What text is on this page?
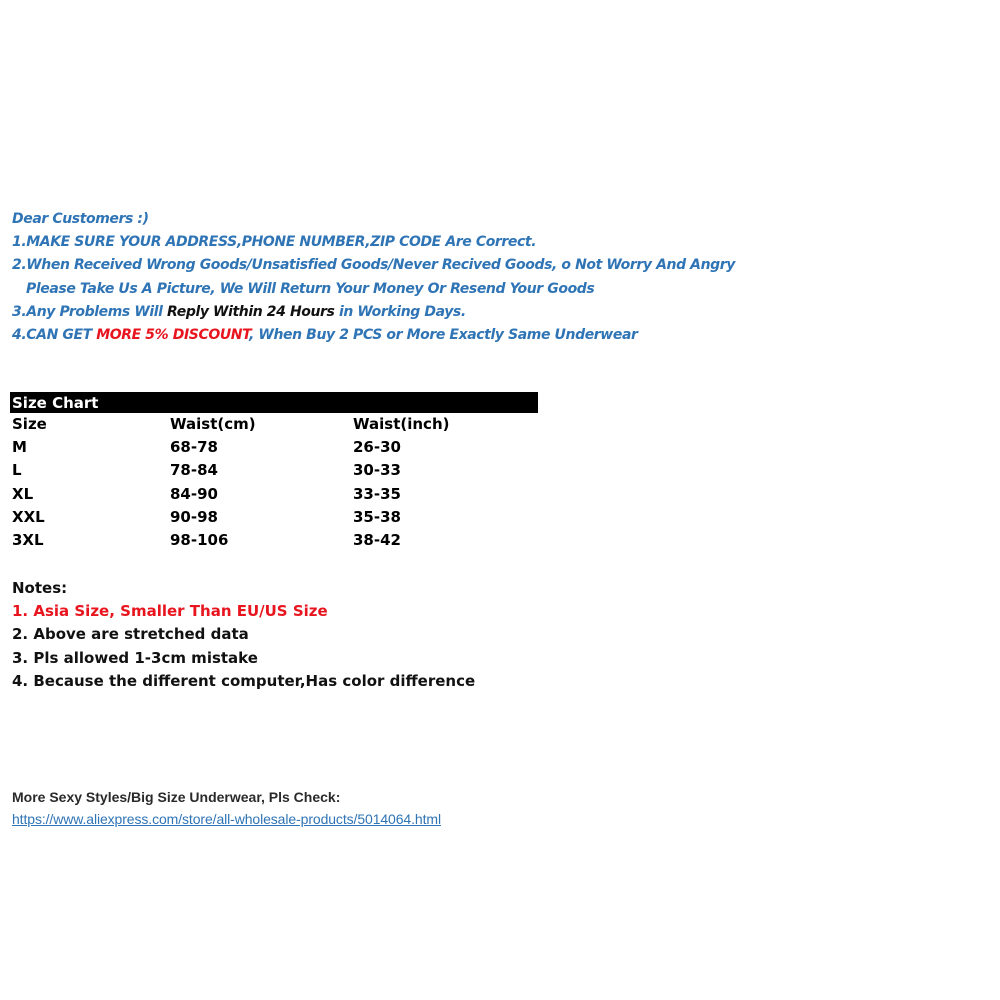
Dear Customers :)
1.MAKE SURE YOUR ADDRESS,PHONE NUMBER,ZIP CODE Are Correct.
2.When Received Wrong Goods/Unsatisfied Goods/Never Recived Goods, o Not Worry And Angry
Please Take Us A Picture, We Will Return Your Money Or Resend Your Goods
3.Any Problems Will Reply Within 24 Hours in Working Days.
4.CAN GET MORE 5% DISCOUNT, When Buy 2 PCS or More Exactly Same Underwear
Size Chart
Size	Waist(cm)	Waist(inch)
M	68-78	26-30
L	78-84	30-33
XL	84-90	33-35
XXL	90-98	35-38
3XL	98-106	38-42
Notes:
1. Asia Size, Smaller Than EU/US Size
2. Above are stretched data
3. Pls allowed 1-3cm mistake
4. Because the different computer,Has color difference
More Sexy Styles/Big Size Underwear, Pls Check:
https://www.aliexpress.com/store/all-wholesale-products/5014064.html
